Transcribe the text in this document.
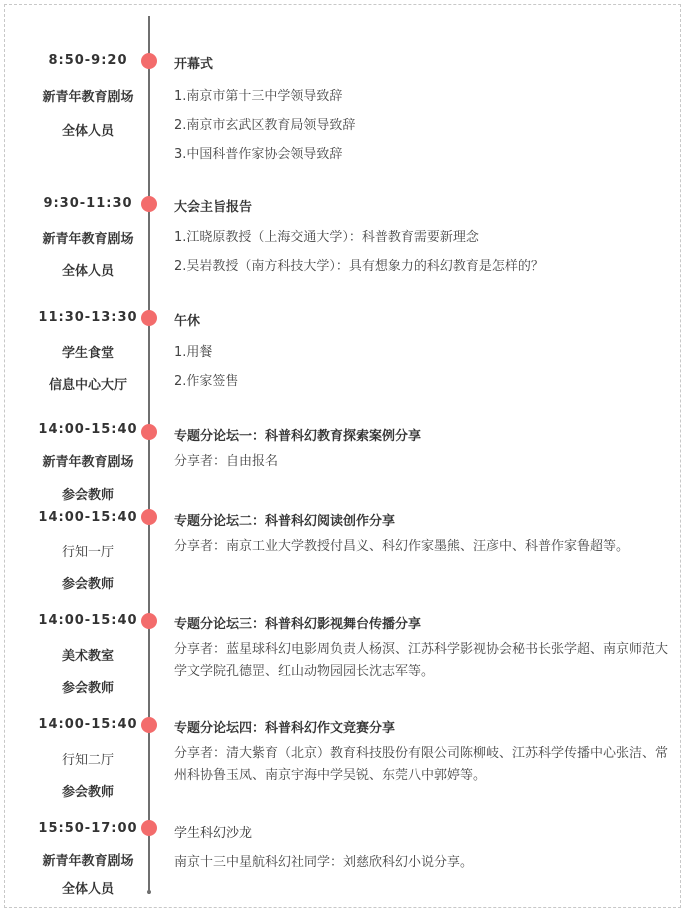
8:50-9:20
新青年教育剧场
全体人员
开幕式
1.南京市第十三中学领导致辞
2.南京市玄武区教育局领导致辞
3.中国科普作家协会领导致辞
9:30-11:30
新青年教育剧场
全体人员
大会主旨报告
1.江晓原教授（上海交通大学）：科普教育需要新理念
2.吴岩教授（南方科技大学）：具有想象力的科幻教育是怎样的？
11:30-13:30
学生食堂
信息中心大厅
午休
1.用餐
2.作家签售
14:00-15:40
新青年教育剧场
参会教师
专题分论坛一：科普科幻教育探索案例分享
分享者：自由报名
14:00-15:40
行知一厅
参会教师
专题分论坛二：科普科幻阅读创作分享
分享者：南京工业大学教授付昌义、科幻作家墨熊、汪彦中、科普作家鲁超等。
14:00-15:40
美术教室
参会教师
专题分论坛三：科普科幻影视舞台传播分享
分享者：蓝星球科幻电影周负责人杨溟、江苏科学影视协会秘书长张学超、南京师范大学文学院孔德罡、红山动物园园长沈志军等。
14:00-15:40
行知二厅
参会教师
专题分论坛四：科普科幻作文竞赛分享
分享者：清大紫育（北京）教育科技股份有限公司陈柳岐、江苏科学传播中心张洁、常州科协鲁玉凤、南京宇海中学吴锐、东莞八中郭婷等。
15:50-17:00
新青年教育剧场
全体人员
学生科幻沙龙
南京十三中星航科幻社同学：刘慈欣科幻小说分享。
